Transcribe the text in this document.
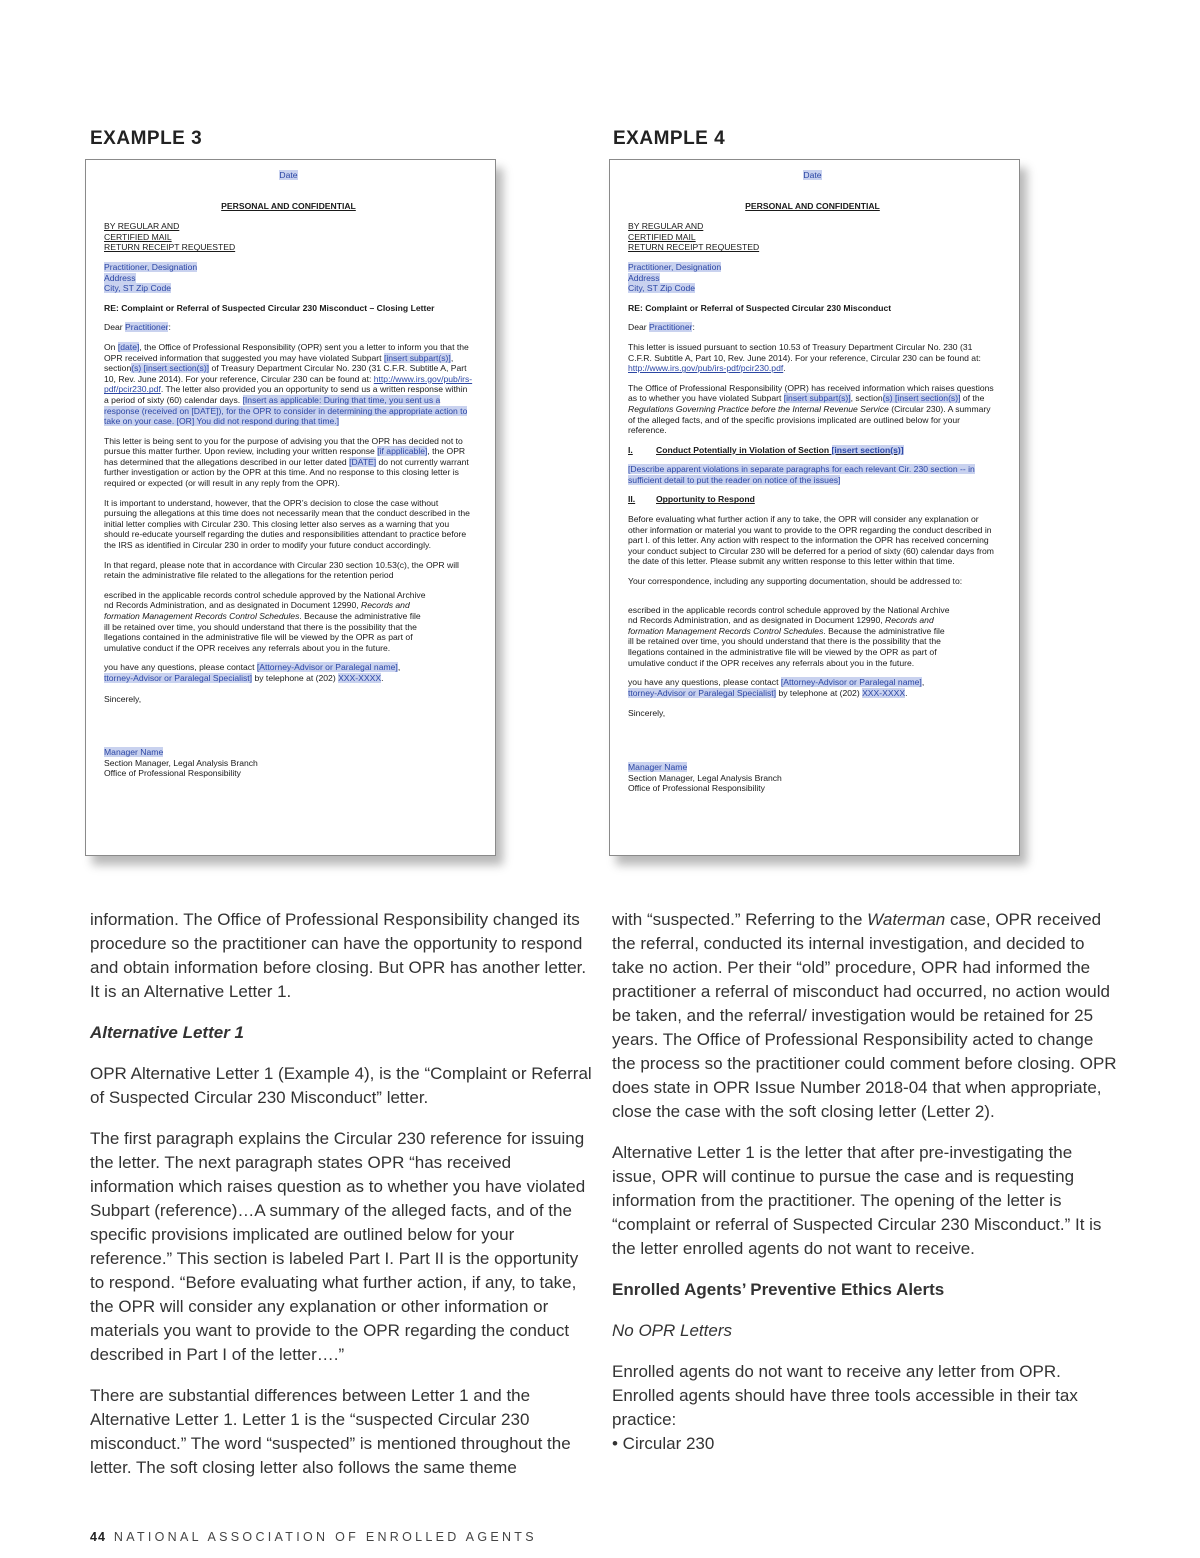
EXAMPLE 3

Date

PERSONAL AND CONFIDENTIAL

BY REGULAR AND
CERTIFIED MAIL
RETURN RECEIPT REQUESTED

Practitioner, Designation
Address
City, ST Zip Code

RE: Complaint or Referral of Suspected Circular 230 Misconduct – Closing Letter

Dear Practitioner:

On [date], the Office of Professional Responsibility (OPR) sent you a letter to inform you that the OPR received information that suggested you may have violated Subpart [insert subpart(s)], section(s) [insert section(s)] of Treasury Department Circular No. 230 (31 C.F.R. Subtitle A, Part 10, Rev. June 2014). For your reference, Circular 230 can be found at: http://www.irs.gov/pub/irs-pdf/pcir230.pdf. The letter also provided you an opportunity to send us a written response within a period of sixty (60) calendar days. [Insert as applicable: During that time, you sent us a response (received on [DATE]), for the OPR to consider in determining the appropriate action to take on your case. [OR] You did not respond during that time.]

This letter is being sent to you for the purpose of advising you that the OPR has decided not to pursue this matter further. Upon review, including your written response [if applicable], the OPR has determined that the allegations described in our letter dated [DATE] do not currently warrant further investigation or action by the OPR at this time. And no response to this closing letter is required or expected (or will result in any reply from the OPR).

It is important to understand, however, that the OPR’s decision to close the case without pursuing the allegations at this time does not necessarily mean that the conduct described in the initial letter complies with Circular 230. This closing letter also serves as a warning that you should re-educate yourself regarding the duties and responsibilities attendant to practice before the IRS as identified in Circular 230 in order to modify your future conduct accordingly.

In that regard, please note that in accordance with Circular 230 section 10.53(c), the OPR will retain the administrative file related to the allegations for the retention period

escribed in the applicable records control schedule approved by the National Archive
nd Records Administration, and as designated in Document 12990, Records and
formation Management Records Control Schedules. Because the administrative file
ill be retained over time, you should understand that there is the possibility that the
llegations contained in the administrative file will be viewed by the OPR as part of
umulative conduct if the OPR receives any referrals about you in the future.

you have any questions, please contact [Attorney-Advisor or Paralegal name],
ttorney-Advisor or Paralegal Specialist] by telephone at (202) XXX-XXXX.

Sincerely,

Manager Name
Section Manager, Legal Analysis Branch
Office of Professional Responsibility

EXAMPLE 4

Date

PERSONAL AND CONFIDENTIAL

BY REGULAR AND
CERTIFIED MAIL
RETURN RECEIPT REQUESTED

Practitioner, Designation
Address
City, ST Zip Code

RE: Complaint or Referral of Suspected Circular 230 Misconduct

Dear Practitioner:

This letter is issued pursuant to section 10.53 of Treasury Department Circular No. 230 (31 C.F.R. Subtitle A, Part 10, Rev. June 2014). For your reference, Circular 230 can be found at: http://www.irs.gov/pub/irs-pdf/pcir230.pdf.

The Office of Professional Responsibility (OPR) has received information which raises questions as to whether you have violated Subpart [insert subpart(s)], section(s) [insert section(s)] of the Regulations Governing Practice before the Internal Revenue Service (Circular 230). A summary of the alleged facts, and of the specific provisions implicated are outlined below for your reference.

I.	Conduct Potentially in Violation of Section [insert section(s)]

[Describe apparent violations in separate paragraphs for each relevant Cir. 230 section -- in sufficient detail to put the reader on notice of the issues]

II.	Opportunity to Respond

Before evaluating what further action if any to take, the OPR will consider any explanation or other information or material you want to provide to the OPR regarding the conduct described in part I. of this letter. Any action with respect to the information the OPR has received concerning your conduct subject to Circular 230 will be deferred for a period of sixty (60) calendar days from the date of this letter. Please submit any written response to this letter within that time.

Your correspondence, including any supporting documentation, should be addressed to:

escribed in the applicable records control schedule approved by the National Archive
nd Records Administration, and as designated in Document 12990, Records and
formation Management Records Control Schedules. Because the administrative file
ill be retained over time, you should understand that there is the possibility that the
llegations contained in the administrative file will be viewed by the OPR as part of
umulative conduct if the OPR receives any referrals about you in the future.

you have any questions, please contact [Attorney-Advisor or Paralegal name],
ttorney-Advisor or Paralegal Specialist] by telephone at (202) XXX-XXXX.

Sincerely,

Manager Name
Section Manager, Legal Analysis Branch
Office of Professional Responsibility

information. The Office of Professional Responsibility changed its procedure so the practitioner can have the opportunity to respond and obtain information before closing. But OPR has another letter. It is an Alternative Letter 1.

Alternative Letter 1

OPR Alternative Letter 1 (Example 4), is the “Complaint or Referral of Suspected Circular 230 Misconduct” letter.

The first paragraph explains the Circular 230 reference for issuing the letter. The next paragraph states OPR “has received information which raises question as to whether you have violated Subpart (reference)…A summary of the alleged facts, and of the specific provisions implicated are outlined below for your reference.” This section is labeled Part I. Part II is the opportunity to respond. “Before evaluating what further action, if any, to take, the OPR will consider any explanation or other information or materials you want to provide to the OPR regarding the conduct described in Part I of the letter….”

There are substantial differences between Letter 1 and the Alternative Letter 1. Letter 1 is the “suspected Circular 230 misconduct.” The word “suspected” is mentioned throughout the letter. The soft closing letter also follows the same theme

with “suspected.” Referring to the Waterman case, OPR received the referral, conducted its internal investigation, and decided to take no action. Per their “old” procedure, OPR had informed the practitioner a referral of misconduct had occurred, no action would be taken, and the referral/ investigation would be retained for 25 years. The Office of Professional Responsibility acted to change the process so the practitioner could comment before closing. OPR does state in OPR Issue Number 2018-04 that when appropriate, close the case with the soft closing letter (Letter 2).

Alternative Letter 1 is the letter that after pre-investigating the issue, OPR will continue to pursue the case and is requesting information from the practitioner. The opening of the letter is “complaint or referral of Suspected Circular 230 Misconduct.” It is the letter enrolled agents do not want to receive.

Enrolled Agents’ Preventive Ethics Alerts

No OPR Letters

Enrolled agents do not want to receive any letter from OPR. Enrolled agents should have three tools accessible in their tax practice:

• Circular 230

44 NATIONAL ASSOCIATION OF ENROLLED AGENTS
